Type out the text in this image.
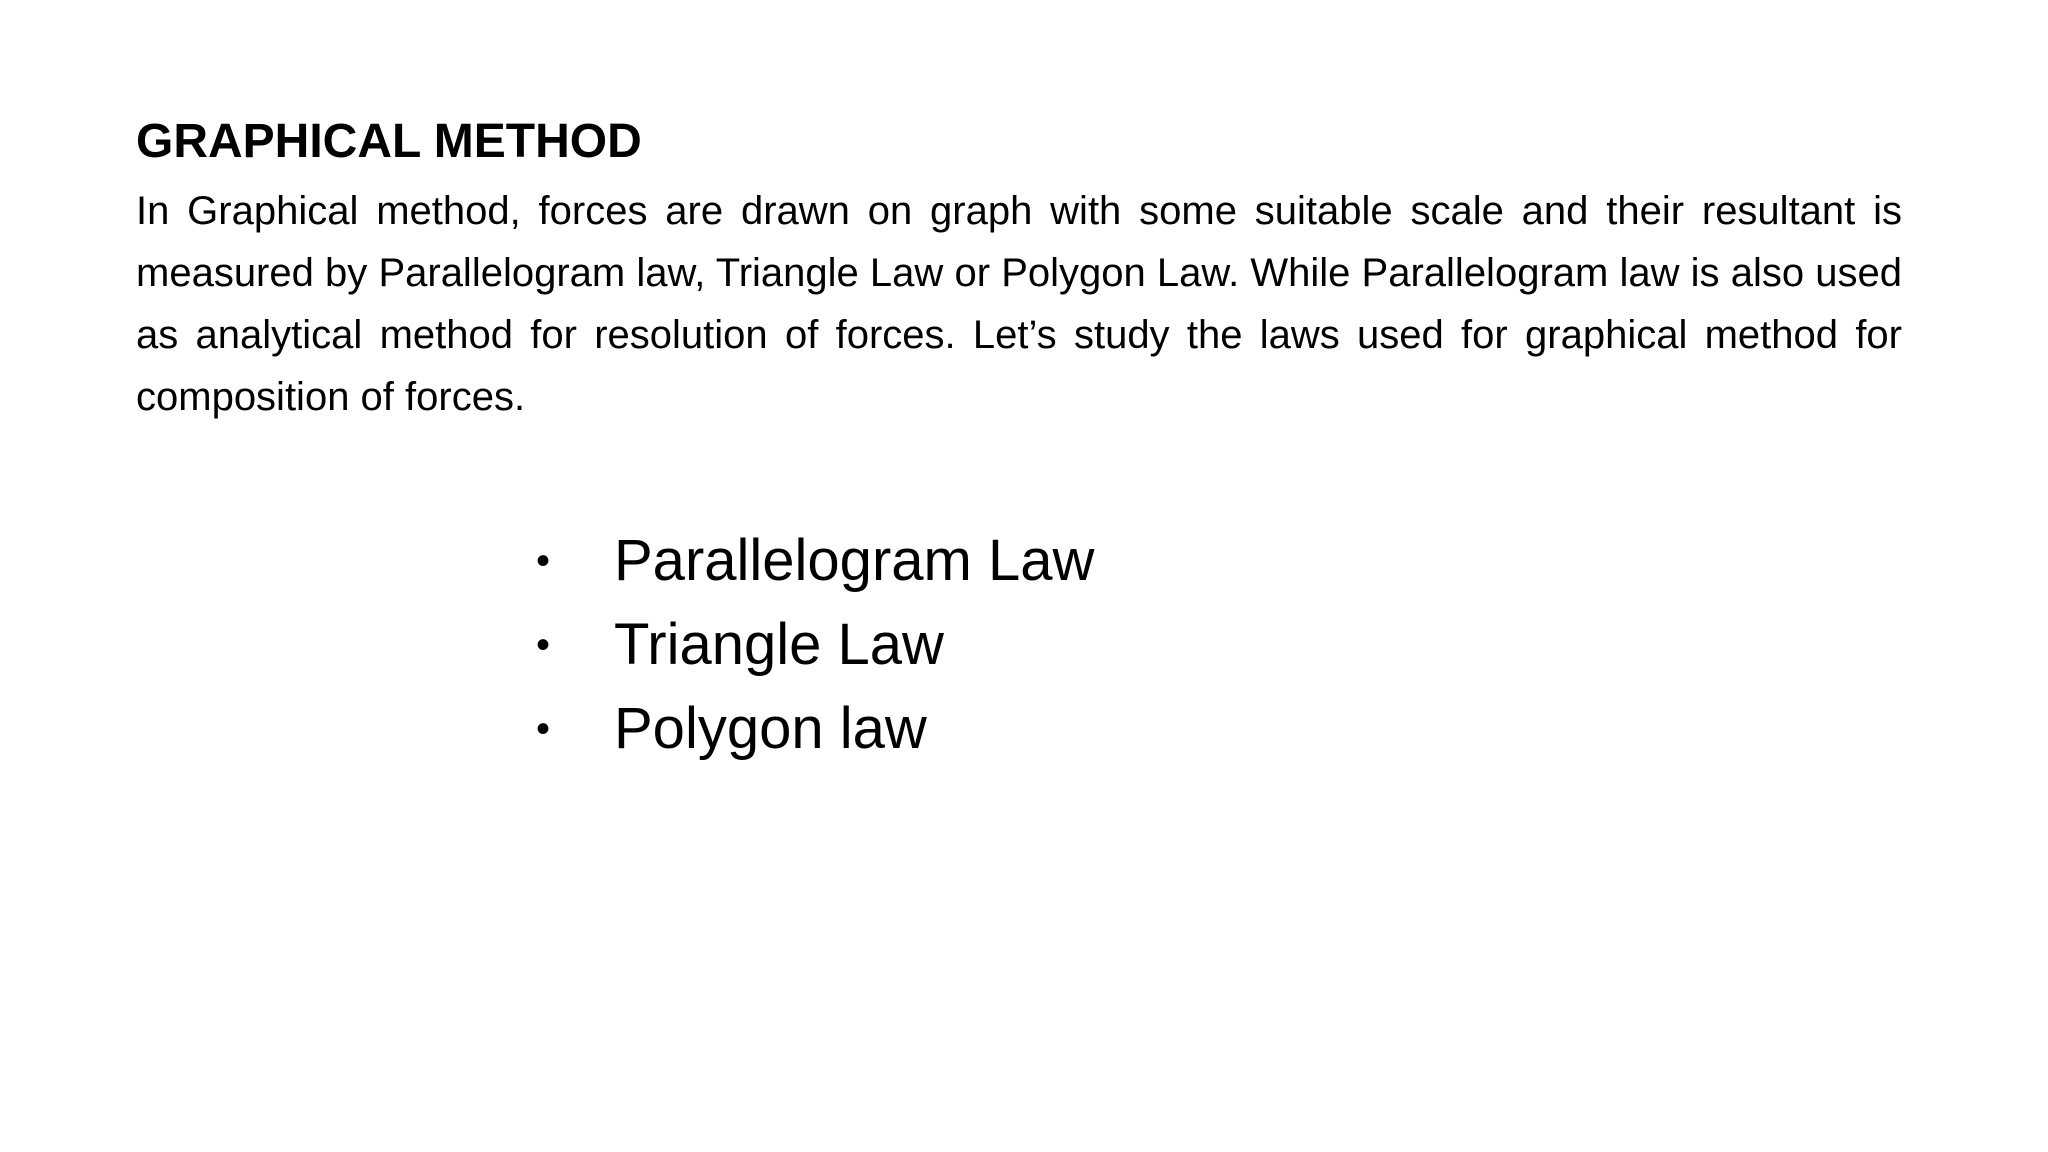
GRAPHICAL METHOD
In Graphical method, forces are drawn on graph with some suitable scale and their resultant is measured by Parallelogram law, Triangle Law or Polygon Law. While Parallelogram law is also used as analytical method for resolution of forces. Let’s study the laws used for graphical method for composition of forces.
• Parallelogram Law
• Triangle Law
• Polygon law
